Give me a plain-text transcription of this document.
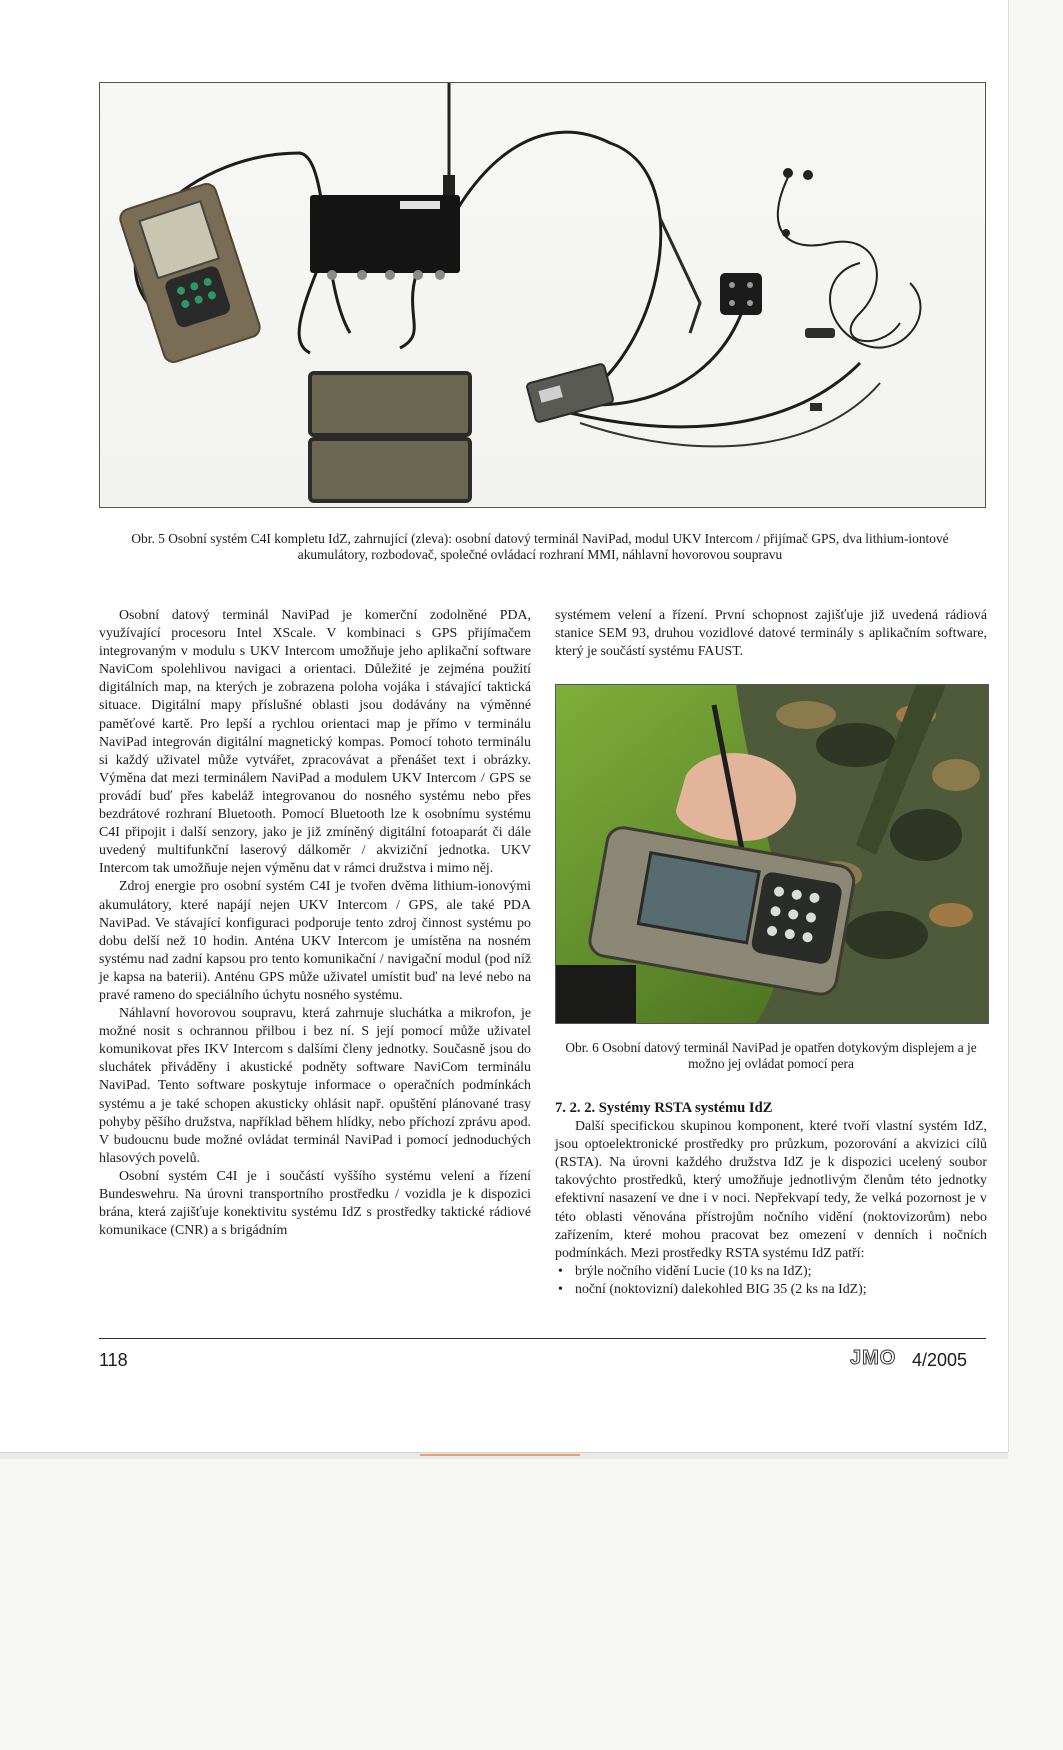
Obr. 5 Osobní systém C4I kompletu IdZ, zahrnující (zleva): osobní datový terminál NaviPad, modul UKV Intercom / přijímač GPS, dva lithium-iontové akumulátory, rozbodovač, společné ovládací rozhraní MMI, náhlavní hovorovou soupravu

Osobní datový terminál NaviPad je komerční zodolněné PDA, využívající procesoru Intel XScale. V kombinaci s GPS přijímačem integrovaným v modulu s UKV Intercom umožňuje jeho aplikační software NaviCom spolehlivou navigaci a orientaci. Důležité je zejména použití digitálních map, na kterých je zobrazena poloha vojáka i stávající taktická situace. Digitální mapy příslušné oblasti jsou dodávány na výměnné paměťové kartě. Pro lepší a rychlou orientaci map je přímo v terminálu NaviPad integrován digitální magnetický kompas. Pomocí tohoto terminálu si každý uživatel může vytvářet, zpracovávat a přenášet text i obrázky. Výměna dat mezi terminálem NaviPad a modulem UKV Intercom / GPS se provádí buď přes kabeláž integrovanou do nosného systému nebo přes bezdrátové rozhraní Bluetooth. Pomocí Bluetooth lze k osobnímu systému C4I připojit i další senzory, jako je již zmíněný digitální fotoaparát či dále uvedený multifunkční laserový dálkoměr / akviziční jednotka. UKV Intercom tak umožňuje nejen výměnu dat v rámci družstva i mimo něj.

Zdroj energie pro osobní systém C4I je tvořen dvěma lithium-ionovými akumulátory, které napájí nejen UKV Intercom / GPS, ale také PDA NaviPad. Ve stávající konfiguraci podporuje tento zdroj činnost systému po dobu delší než 10 hodin. Anténa UKV Intercom je umístěna na nosném systému nad zadní kapsou pro tento komunikační / navigační modul (pod níž je kapsa na baterii). Anténu GPS může uživatel umístit buď na levé nebo na pravé rameno do speciálního úchytu nosného systému.

Náhlavní hovorovou soupravu, která zahrnuje sluchátka a mikrofon, je možné nosit s ochrannou přilbou i bez ní. S její pomocí může uživatel komunikovat přes IKV Intercom s dalšími členy jednotky. Současně jsou do sluchátek přiváděny i akustické podněty software NaviCom terminálu NaviPad. Tento software poskytuje informace o operačních podmínkách systému a je také schopen akusticky ohlásit např. opuštění plánované trasy pohyby pěšího družstva, například během hlídky, nebo příchozí zprávu apod. V budoucnu bude možné ovládat terminál NaviPad i pomocí jednoduchých hlasových povelů.

Osobní systém C4I je i součástí vyššího systému velení a řízení Bundeswehru. Na úrovni transportního prostředku / vozidla je k dispozici brána, která zajišťuje konektivitu systému IdZ s prostředky taktické rádiové komunikace (CNR) a s brigádním

systémem velení a řízení. První schopnost zajišťuje již uvedená rádiová stanice SEM 93, druhou vozidlové datové terminály s aplikačním software, který je součástí systému FAUST.

Obr. 6 Osobní datový terminál NaviPad je opatřen dotykovým displejem a je možno jej ovládat pomocí pera
7. 2. 2. Systémy RSTA systému IdZ

Další specifickou skupinou komponent, které tvoří vlastní systém IdZ, jsou optoelektronické prostředky pro průzkum, pozorování a akvizici cílů (RSTA). Na úrovni každého družstva IdZ je k dispozici ucelený soubor takovýchto prostředků, který umožňuje jednotlivým členům této jednotky efektivní nasazení ve dne i v noci. Nepřekvapí tedy, že velká pozornost je v této oblasti věnována přístrojům nočního vidění (noktovizorům) nebo zařízením, které mohou pracovat bez omezení v denních i nočních podmínkách. Mezi prostředky RSTA systému IdZ patří:

• brýle nočního vidění Lucie (10 ks na IdZ);
• noční (noktovizní) dalekohled BIG 35 (2 ks na IdZ);
118	JMO 4/2005
